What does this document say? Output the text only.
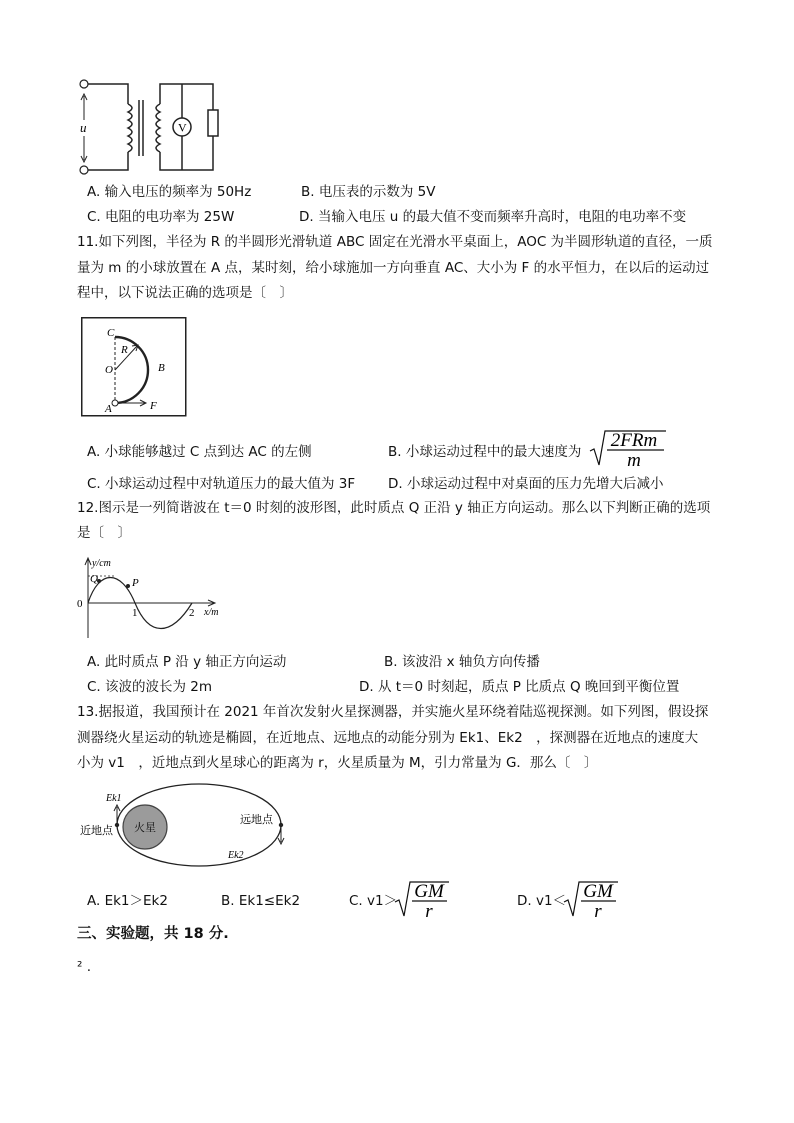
V
u
A. 输入电压的频率为 50Hz	B. 电压表的示数为 5V
C. 电阻的电功率为 25W	D. 当输入电压 u 的最大值不变而频率升高时，电阻的电功率不变
11.如下列图，半径为 R 的半圆形光滑轨道 ABC 固定在光滑水平桌面上，AOC 为半圆形轨道的直径，一质
量为 m 的小球放置在 A 点，某时刻，给小球施加一方向垂直 AC、大小为 F 的水平恒力，在以后的运动过
程中，以下说法正确的选项是〔　〕
C
R
O	B
A	F
A. 小球能够越过 C 点到达 AC 的左侧	B. 小球运动过程中的最大速度为
2FRm
m
C. 小球运动过程中对轨道压力的最大值为 3F D. 小球运动过程中对桌面的压力先增大后减小
12.图示是一列简谐波在 t＝0 时刻的波形图，此时质点 Q 正沿 y 轴正方向运动。那么以下判断正确的选项
是〔　〕
y/cm
x/m
0
1	2
Q	P
A. 此时质点 P 沿 y 轴正方向运动	B. 该波沿 x 轴负方向传播
C. 该波的波长为 2m	D. 从 t＝0 时刻起，质点 P 比质点 Q 晚回到平衡位置
13.据报道，我国预计在 2021 年首次发射火星探测器，并实施火星环绕着陆巡视探测。如下列图，假设探
测器绕火星运动的轨迹是椭圆，在近地点、远地点的动能分别为 Ek1、Ek2　，探测器在近地点的速度大
小为 v1　，近地点到火星球心的距离为 r，火星质量为 M，引力常量为 G．那么〔　〕
火星
Ek1
Ek2
近地点
远地点
A. Ek1＞Ek2	B. Ek1≤Ek2	C. v1＞ GM
r	D. v1＜ GM
r
三、实验题，共 18 分.
² .
